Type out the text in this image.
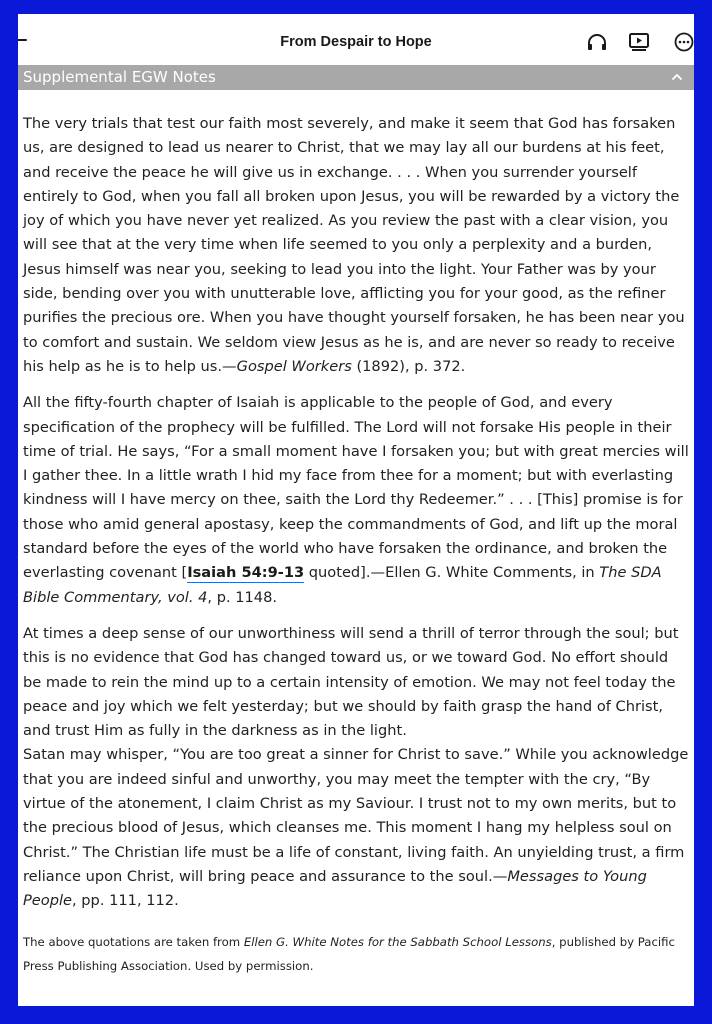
From Despair to Hope
Supplemental EGW Notes

The very trials that test our faith most severely, and make it seem that God has forsaken us, are designed to lead us nearer to Christ, that we may lay all our burdens at his feet, and receive the peace he will give us in exchange. . . . When you surrender yourself entirely to God, when you fall all broken upon Jesus, you will be rewarded by a victory the joy of which you have never yet realized. As you review the past with a clear vision, you will see that at the very time when life seemed to you only a perplexity and a burden, Jesus himself was near you, seeking to lead you into the light. Your Father was by your side, bending over you with unutterable love, afflicting you for your good, as the refiner purifies the precious ore. When you have thought yourself forsaken, he has been near you to comfort and sustain. We seldom view Jesus as he is, and are never so ready to receive his help as he is to help us.—Gospel Workers (1892), p. 372.

All the fifty-fourth chapter of Isaiah is applicable to the people of God, and every specification of the prophecy will be fulfilled. The Lord will not forsake His people in their time of trial. He says, “For a small moment have I forsaken you; but with great mercies will I gather thee. In a little wrath I hid my face from thee for a moment; but with everlasting kindness will I have mercy on thee, saith the Lord thy Redeemer.” . . . [This] promise is for those who amid general apostasy, keep the commandments of God, and lift up the moral standard before the eyes of the world who have forsaken the ordinance, and broken the everlasting covenant [Isaiah 54:9-13 quoted].—Ellen G. White Comments, in The SDA Bible Commentary, vol. 4, p. 1148.

At times a deep sense of our unworthiness will send a thrill of terror through the soul; but this is no evidence that God has changed toward us, or we toward God. No effort should be made to rein the mind up to a certain intensity of emotion. We may not feel today the peace and joy which we felt yesterday; but we should by faith grasp the hand of Christ, and trust Him as fully in the darkness as in the light.
Satan may whisper, “You are too great a sinner for Christ to save.” While you acknowledge that you are indeed sinful and unworthy, you may meet the tempter with the cry, “By virtue of the atonement, I claim Christ as my Saviour. I trust not to my own merits, but to the precious blood of Jesus, which cleanses me. This moment I hang my helpless soul on Christ.” The Christian life must be a life of constant, living faith. An unyielding trust, a firm reliance upon Christ, will bring peace and assurance to the soul.—Messages to Young People, pp. 111, 112.

The above quotations are taken from Ellen G. White Notes for the Sabbath School Lessons, published by Pacific Press Publishing Association. Used by permission.
